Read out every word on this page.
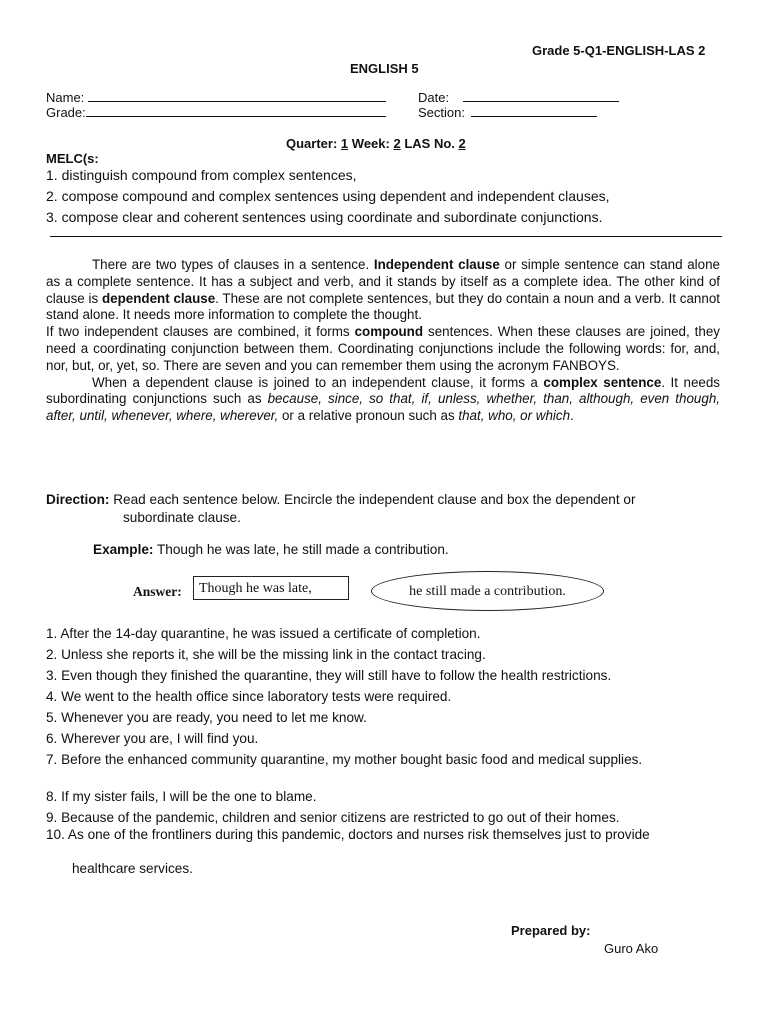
Grade 5-Q1-ENGLISH-LAS 2
ENGLISH 5
Name:	Date:
Grade:	Section:
Quarter: 1 Week: 2 LAS No. 2
MELC(s:
1. distinguish compound from complex sentences,
2. compose compound and complex sentences using dependent and independent clauses,
3. compose clear and coherent sentences using coordinate and subordinate conjunctions.

There are two types of clauses in a sentence. Independent clause or simple sentence can stand alone as a complete sentence. It has a subject and verb, and it stands by itself as a complete idea. The other kind of clause is dependent clause. These are not complete sentences, but they do contain a noun and a verb. It cannot stand alone. It needs more information to complete the thought.

If two independent clauses are combined, it forms compound sentences. When these clauses are joined, they need a coordinating conjunction between them. Coordinating conjunctions include the following words: for, and, nor, but, or, yet, so. There are seven and you can remember them using the acronym FANBOYS.

When a dependent clause is joined to an independent clause, it forms a complex sentence. It needs subordinating conjunctions such as because, since, so that, if, unless, whether, than, although, even though, after, until, whenever, where, wherever, or a relative pronoun such as that, who, or which.

Direction: Read each sentence below. Encircle the independent clause and box the dependent or
subordinate clause.
Example: Though he was late, he still made a contribution.
Answer:	Though he was late,	he still made a contribution.
1. After the 14-day quarantine, he was issued a certificate of completion.
2. Unless she reports it, she will be the missing link in the contact tracing.
3. Even though they finished the quarantine, they will still have to follow the health restrictions.
4. We went to the health office since laboratory tests were required.
5. Whenever you are ready, you need to let me know.
6. Wherever you are, I will find you.
7. Before the enhanced community quarantine, my mother bought basic food and medical supplies.
8. If my sister fails, I will be the one to blame.
9. Because of the pandemic, children and senior citizens are restricted to go out of their homes.
10. As one of the frontliners during this pandemic, doctors and nurses risk themselves just to provide
healthcare services.
Prepared by:
Guro Ako
